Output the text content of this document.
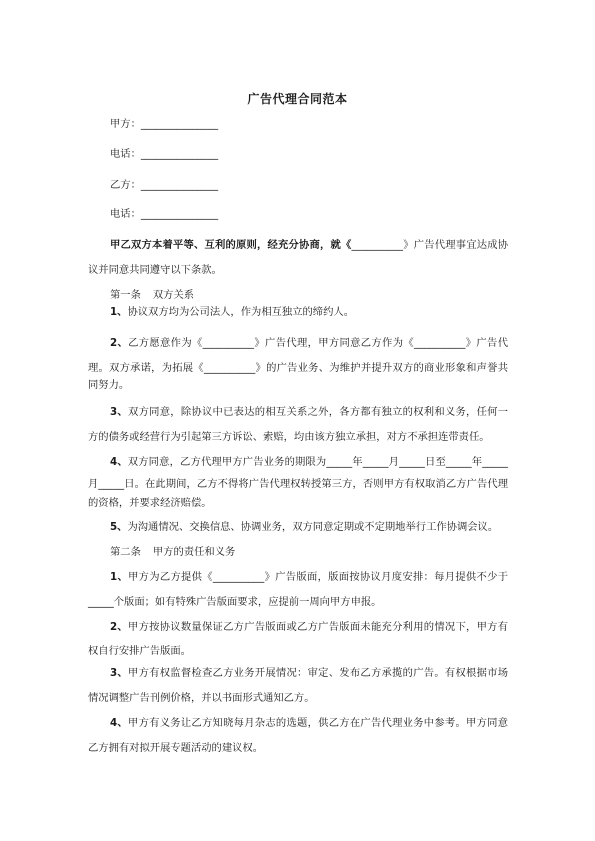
广告代理合同范本
甲方：_______________
电话：_______________
乙方：_______________
电话：_______________
甲乙双方本着平等、互利的原则，经充分协商，就《__________》广告代理事宜达成协
议并同意共同遵守以下条款。
第一条 双方关系
1、协议双方均为公司法人，作为相互独立的缔约人。
2、乙方愿意作为《__________》广告代理，甲方同意乙方作为《__________》广告代
理。双方承诺，为拓展《__________》的广告业务、为维护并提升双方的商业形象和声誉共
同努力。
3、双方同意，除协议中已表达的相互关系之外，各方都有独立的权利和义务，任何一
方的债务或经营行为引起第三方诉讼、索赔，均由该方独立承担，对方不承担连带责任。
4、双方同意，乙方代理甲方广告业务的期限为_____年_____月_____日至_____年_____
月_____日。在此期间，乙方不得将广告代理权转授第三方，否则甲方有权取消乙方广告代理
的资格，并要求经济赔偿。
5、为沟通情况、交换信息、协调业务，双方同意定期或不定期地举行工作协调会议。
第二条 甲方的责任和义务
1、甲方为乙方提供《__________》广告版面，版面按协议月度安排：每月提供不少于
_____个版面；如有特殊广告版面要求，应提前一周向甲方申报。
2、甲方按协议数量保证乙方广告版面或乙方广告版面未能充分利用的情况下，甲方有
权自行安排广告版面。
3、甲方有权监督检查乙方业务开展情况：审定、发布乙方承揽的广告。有权根据市场
情况调整广告刊例价格，并以书面形式通知乙方。
4、甲方有义务让乙方知晓每月杂志的选题，供乙方在广告代理业务中参考。甲方同意
乙方拥有对拟开展专题活动的建议权。
